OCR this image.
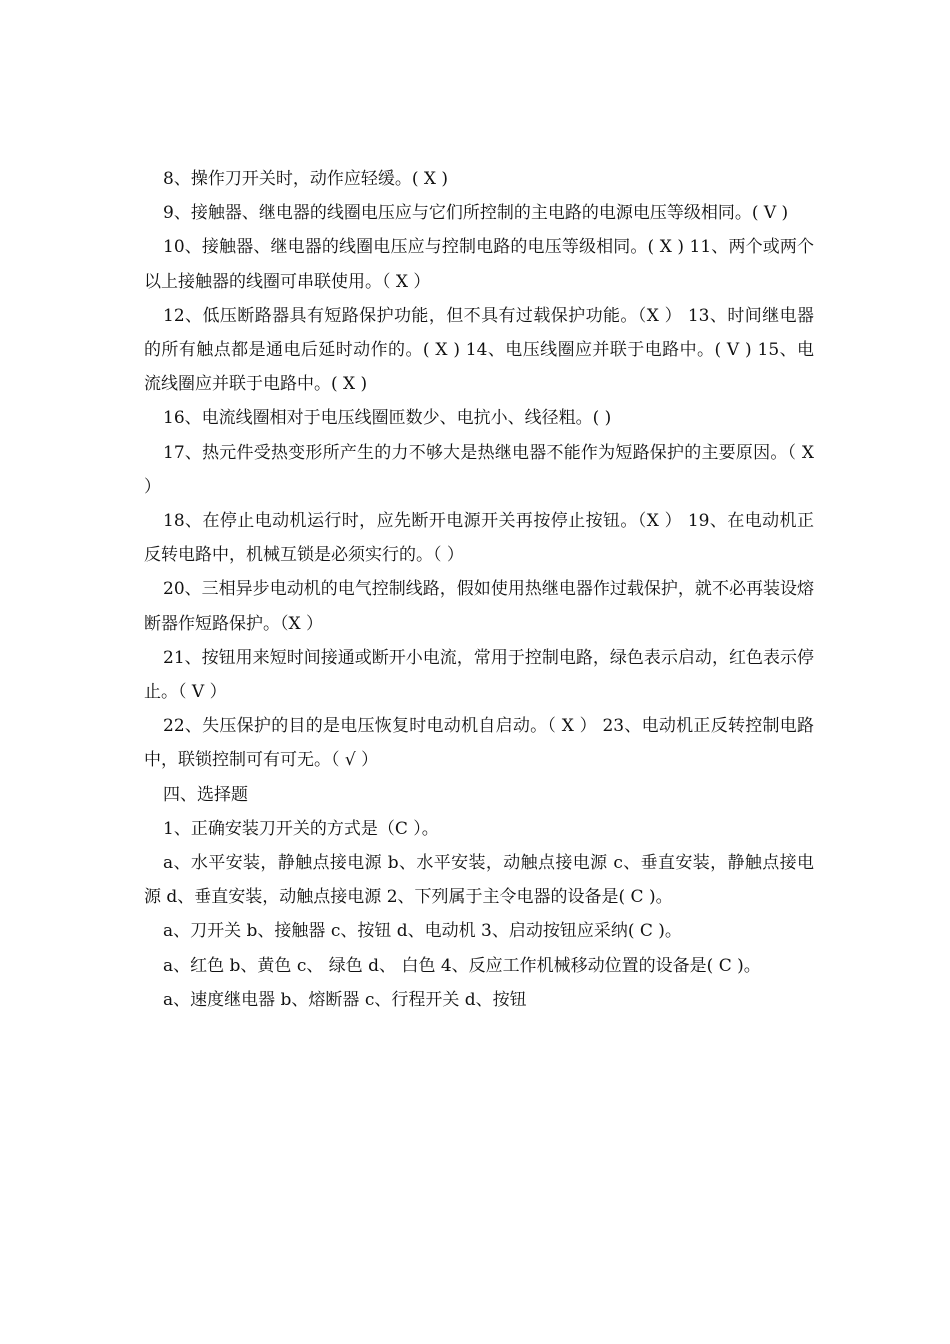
8、操作刀开关时，动作应轻缓。( X )

9、接触器、继电器的线圈电压应与它们所控制的主电路的电源电压等级相同。( V )

10、接触器、继电器的线圈电压应与控制电路的电压等级相同。( X ) 11、两个或两个以上接触器的线圈可串联使用。（ X ）

12、低压断路器具有短路保护功能，但不具有过载保护功能。（X ） 13、时间继电器的所有触点都是通电后延时动作的。( X ) 14、电压线圈应并联于电路中。( V ) 15、电流线圈应并联于电路中。( X )

16、电流线圈相对于电压线圈匝数少、电抗小、线径粗。( )

17、热元件受热变形所产生的力不够大是热继电器不能作为短路保护的主要原因。（ X ）

18、在停止电动机运行时，应先断开电源开关再按停止按钮。（X ） 19、在电动机正反转电路中，机械互锁是必须实行的。（ ）

20、三相异步电动机的电气控制线路，假如使用热继电器作过载保护，就不必再装设熔断器作短路保护。（X ）

21、按钮用来短时间接通或断开小电流，常用于控制电路，绿色表示启动，红色表示停止。（ V ）

22、失压保护的目的是电压恢复时电动机自启动。（ X ） 23、电动机正反转控制电路中，联锁控制可有可无。（ √ ）

四、选择题

1、正确安装刀开关的方式是（C ）。

a、水平安装，静触点接电源 b、水平安装，动触点接电源 c、垂直安装，静触点接电源 d、垂直安装，动触点接电源 2、下列属于主令电器的设备是( C )。

a、刀开关 b、接触器 c、按钮 d、电动机 3、启动按钮应采纳( C )。

a、红色 b、黄色 c、 绿色 d、 白色 4、反应工作机械移动位置的设备是( C )。

a、速度继电器 b、熔断器 c、行程开关 d、按钮
